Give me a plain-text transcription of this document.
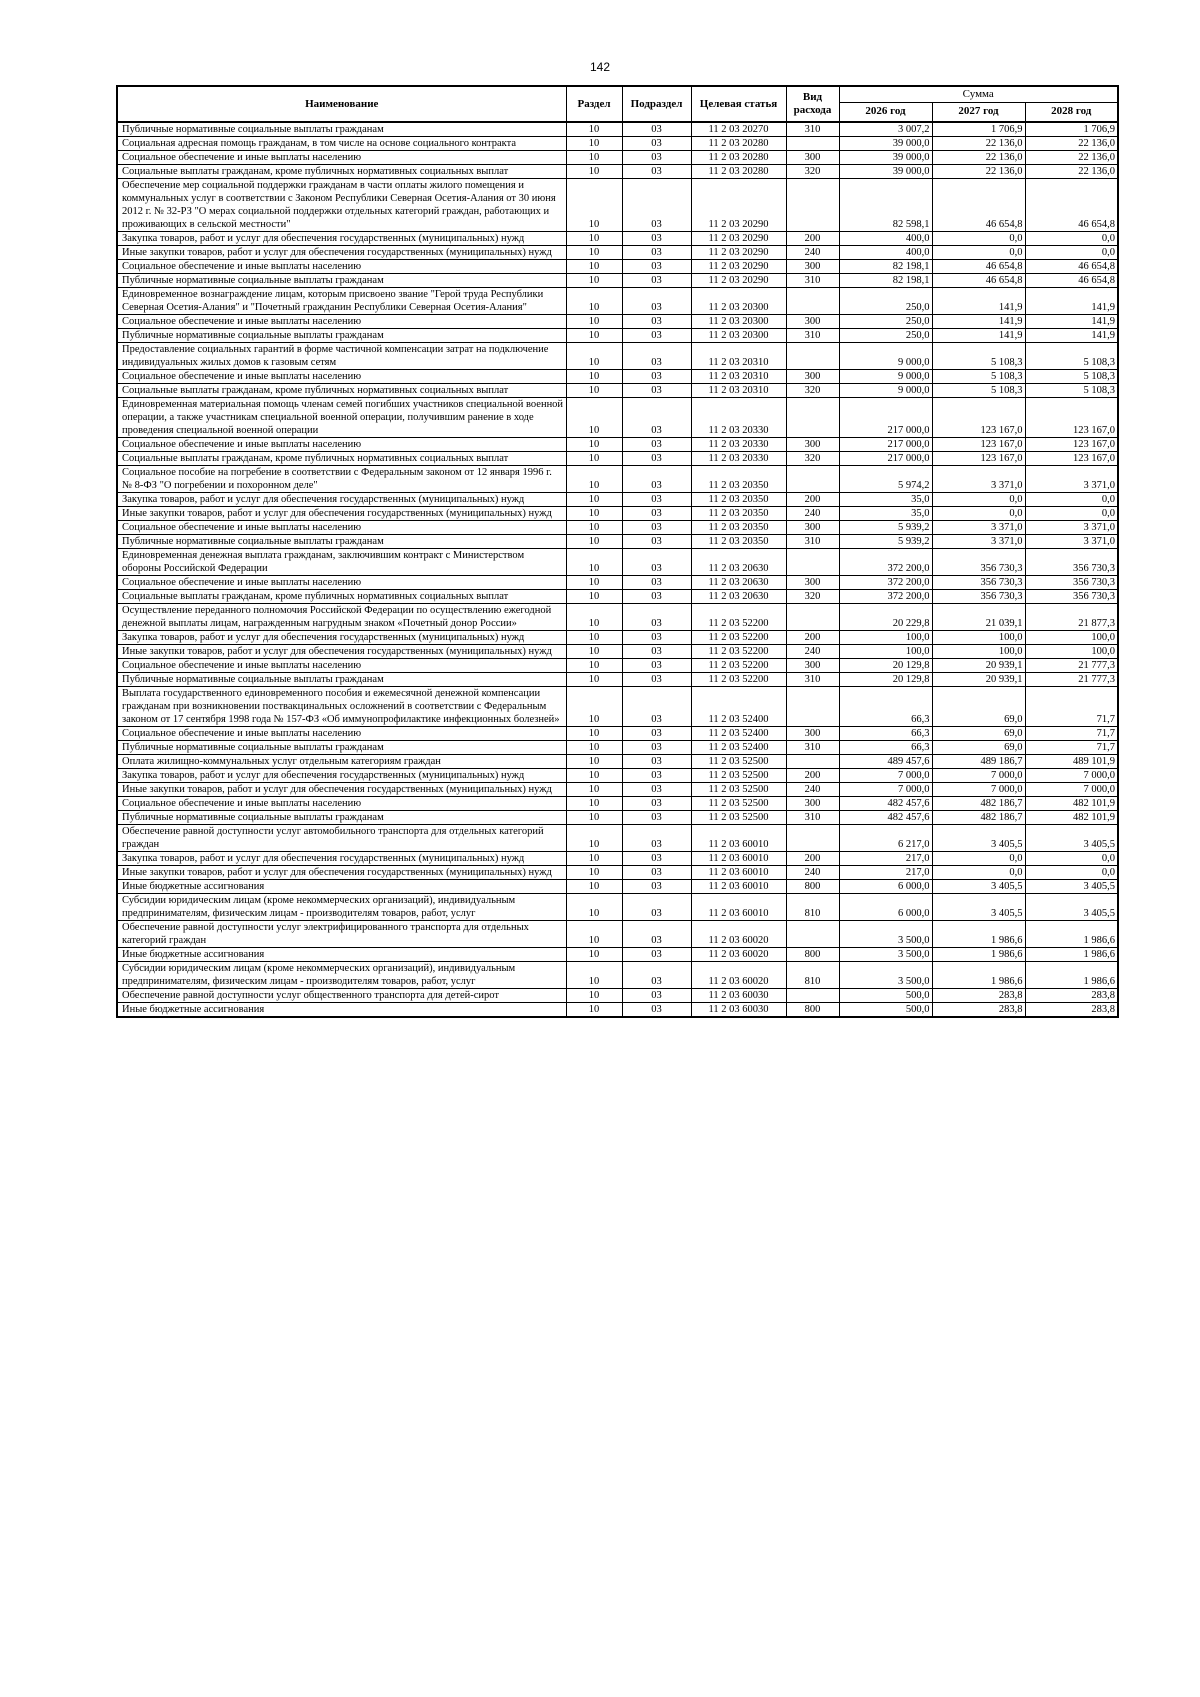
142
Наименование	Раздел	Подраздел	Целевая статья	Вид расхода	Сумма		
					2026 год	2027 год	2028 год
Публичные нормативные социальные выплаты гражданам	10	03	11 2 03 20270	310	3 007,2	1 706,9	1 706,9
Социальная адресная помощь гражданам, в том числе на основе социального контракта	10	03	11 2 03 20280		39 000,0	22 136,0	22 136,0
Социальное обеспечение и иные выплаты населению	10	03	11 2 03 20280	300	39 000,0	22 136,0	22 136,0
Социальные выплаты гражданам, кроме публичных нормативных социальных выплат	10	03	11 2 03 20280	320	39 000,0	22 136,0	22 136,0
Обеспечение мер социальной поддержки гражданам в части оплаты жилого помещения и коммунальных услуг в соответствии с Законом Республики Северная Осетия-Алания от 30 июня 2012 г. № 32-РЗ "О мерах социальной поддержки отдельных категорий граждан, работающих и проживающих в сельской местности"	10	03	11 2 03 20290		82 598,1	46 654,8	46 654,8
Закупка товаров, работ и услуг для обеспечения государственных (муниципальных) нужд	10	03	11 2 03 20290	200	400,0	0,0	0,0
Иные закупки товаров, работ и услуг для обеспечения государственных (муниципальных) нужд	10	03	11 2 03 20290	240	400,0	0,0	0,0
Социальное обеспечение и иные выплаты населению	10	03	11 2 03 20290	300	82 198,1	46 654,8	46 654,8
Публичные нормативные социальные выплаты гражданам	10	03	11 2 03 20290	310	82 198,1	46 654,8	46 654,8
Единовременное вознаграждение лицам, которым присвоено звание "Герой труда Республики Северная Осетия-Алания" и "Почетный гражданин Республики Северная Осетия-Алания"	10	03	11 2 03 20300		250,0	141,9	141,9
Социальное обеспечение и иные выплаты населению	10	03	11 2 03 20300	300	250,0	141,9	141,9
Публичные нормативные социальные выплаты гражданам	10	03	11 2 03 20300	310	250,0	141,9	141,9
Предоставление социальных гарантий в форме частичной компенсации затрат на подключение индивидуальных жилых домов к газовым сетям	10	03	11 2 03 20310		9 000,0	5 108,3	5 108,3
Социальное обеспечение и иные выплаты населению	10	03	11 2 03 20310	300	9 000,0	5 108,3	5 108,3
Социальные выплаты гражданам, кроме публичных нормативных социальных выплат	10	03	11 2 03 20310	320	9 000,0	5 108,3	5 108,3
Единовременная материальная помощь членам семей погибших участников специальной военной операции, а также участникам специальной военной операции, получившим ранение в ходе проведения специальной военной операции	10	03	11 2 03 20330		217 000,0	123 167,0	123 167,0
Социальное обеспечение и иные выплаты населению	10	03	11 2 03 20330	300	217 000,0	123 167,0	123 167,0
Социальные выплаты гражданам, кроме публичных нормативных социальных выплат	10	03	11 2 03 20330	320	217 000,0	123 167,0	123 167,0
Социальное пособие на погребение в соответствии с Федеральным законом от 12 января 1996 г. № 8-ФЗ "О погребении и похоронном деле"	10	03	11 2 03 20350		5 974,2	3 371,0	3 371,0
Закупка товаров, работ и услуг для обеспечения государственных (муниципальных) нужд	10	03	11 2 03 20350	200	35,0	0,0	0,0
Иные закупки товаров, работ и услуг для обеспечения государственных (муниципальных) нужд	10	03	11 2 03 20350	240	35,0	0,0	0,0
Социальное обеспечение и иные выплаты населению	10	03	11 2 03 20350	300	5 939,2	3 371,0	3 371,0
Публичные нормативные социальные выплаты гражданам	10	03	11 2 03 20350	310	5 939,2	3 371,0	3 371,0
Единовременная денежная выплата гражданам, заключившим контракт с Министерством обороны Российской Федерации	10	03	11 2 03 20630		372 200,0	356 730,3	356 730,3
Социальное обеспечение и иные выплаты населению	10	03	11 2 03 20630	300	372 200,0	356 730,3	356 730,3
Социальные выплаты гражданам, кроме публичных нормативных социальных выплат	10	03	11 2 03 20630	320	372 200,0	356 730,3	356 730,3
Осуществление переданного полномочия Российской Федерации по осуществлению ежегодной денежной выплаты лицам, награжденным нагрудным знаком «Почетный донор России»	10	03	11 2 03 52200		20 229,8	21 039,1	21 877,3
Закупка товаров, работ и услуг для обеспечения государственных (муниципальных) нужд	10	03	11 2 03 52200	200	100,0	100,0	100,0
Иные закупки товаров, работ и услуг для обеспечения государственных (муниципальных) нужд	10	03	11 2 03 52200	240	100,0	100,0	100,0
Социальное обеспечение и иные выплаты населению	10	03	11 2 03 52200	300	20 129,8	20 939,1	21 777,3
Публичные нормативные социальные выплаты гражданам	10	03	11 2 03 52200	310	20 129,8	20 939,1	21 777,3
Выплата государственного единовременного пособия и ежемесячной денежной компенсации гражданам при возникновении поствакцинальных осложнений в соответствии с Федеральным законом от 17 сентября 1998 года № 157-ФЗ «Об иммунопрофилактике инфекционных болезней»	10	03	11 2 03 52400		66,3	69,0	71,7
Социальное обеспечение и иные выплаты населению	10	03	11 2 03 52400	300	66,3	69,0	71,7
Публичные нормативные социальные выплаты гражданам	10	03	11 2 03 52400	310	66,3	69,0	71,7
Оплата жилищно-коммунальных услуг отдельным категориям граждан	10	03	11 2 03 52500		489 457,6	489 186,7	489 101,9
Закупка товаров, работ и услуг для обеспечения государственных (муниципальных) нужд	10	03	11 2 03 52500	200	7 000,0	7 000,0	7 000,0
Иные закупки товаров, работ и услуг для обеспечения государственных (муниципальных) нужд	10	03	11 2 03 52500	240	7 000,0	7 000,0	7 000,0
Социальное обеспечение и иные выплаты населению	10	03	11 2 03 52500	300	482 457,6	482 186,7	482 101,9
Публичные нормативные социальные выплаты гражданам	10	03	11 2 03 52500	310	482 457,6	482 186,7	482 101,9
Обеспечение равной доступности услуг автомобильного транспорта для отдельных категорий граждан	10	03	11 2 03 60010		6 217,0	3 405,5	3 405,5
Закупка товаров, работ и услуг для обеспечения государственных (муниципальных) нужд	10	03	11 2 03 60010	200	217,0	0,0	0,0
Иные закупки товаров, работ и услуг для обеспечения государственных (муниципальных) нужд	10	03	11 2 03 60010	240	217,0	0,0	0,0
Иные бюджетные ассигнования	10	03	11 2 03 60010	800	6 000,0	3 405,5	3 405,5
Субсидии юридическим лицам (кроме некоммерческих организаций), индивидуальным предпринимателям, физическим лицам - производителям товаров, работ, услуг	10	03	11 2 03 60010	810	6 000,0	3 405,5	3 405,5
Обеспечение равной доступности услуг электрифицированного транспорта для отдельных категорий граждан	10	03	11 2 03 60020		3 500,0	1 986,6	1 986,6
Иные бюджетные ассигнования	10	03	11 2 03 60020	800	3 500,0	1 986,6	1 986,6
Субсидии юридическим лицам (кроме некоммерческих организаций), индивидуальным предпринимателям, физическим лицам - производителям товаров, работ, услуг	10	03	11 2 03 60020	810	3 500,0	1 986,6	1 986,6
Обеспечение равной доступности услуг общественного транспорта для детей-сирот	10	03	11 2 03 60030		500,0	283,8	283,8
Иные бюджетные ассигнования	10	03	11 2 03 60030	800	500,0	283,8	283,8
